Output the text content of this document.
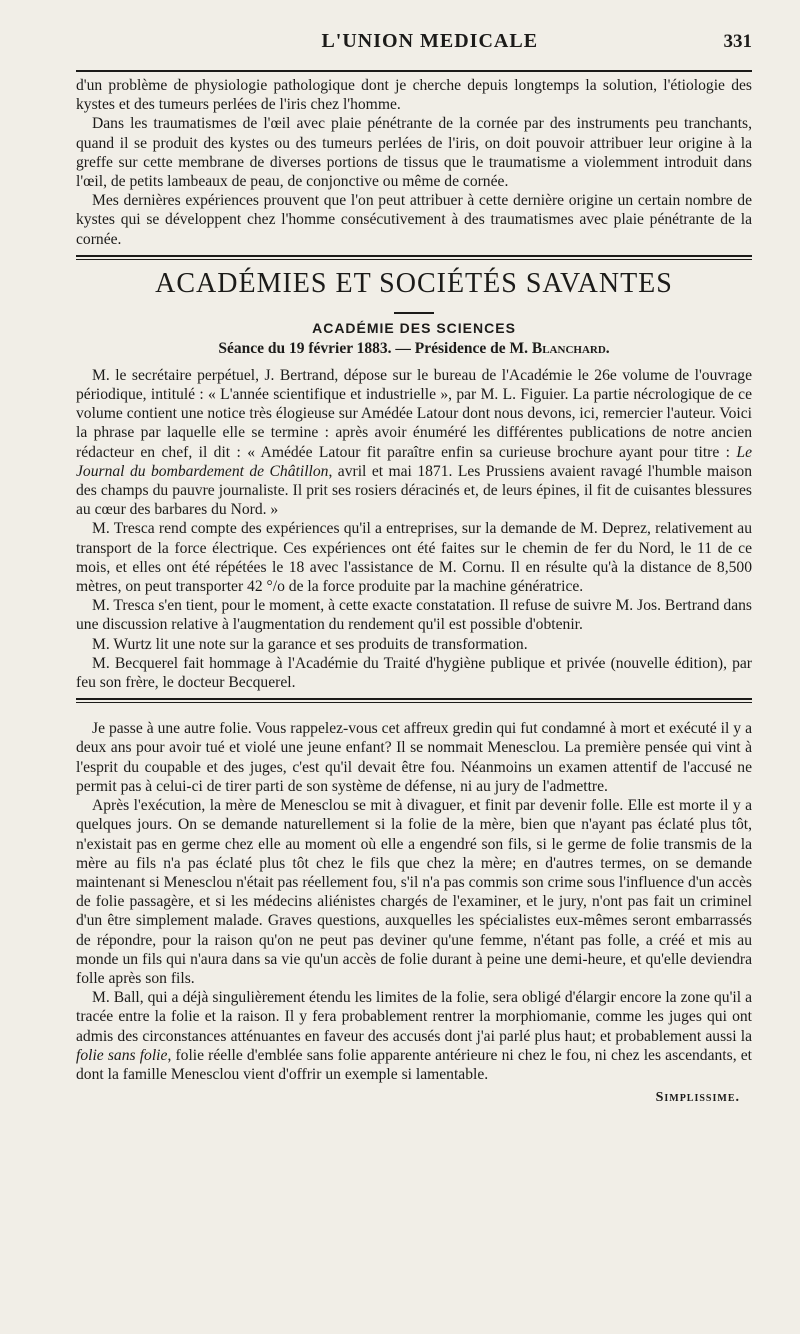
L'UNION MEDICALE	331

d'un problème de physiologie pathologique dont je cherche depuis longtemps la solution, l'étiologie des kystes et des tumeurs perlées de l'iris chez l'homme.

Dans les traumatismes de l'œil avec plaie pénétrante de la cornée par des instruments peu tranchants, quand il se produit des kystes ou des tumeurs perlées de l'iris, on doit pouvoir attribuer leur origine à la greffe sur cette membrane de diverses portions de tissus que le traumatisme a violemment introduit dans l'œil, de petits lambeaux de peau, de conjonctive ou même de cornée.

Mes dernières expériences prouvent que l'on peut attribuer à cette dernière origine un certain nombre de kystes qui se développent chez l'homme consécutivement à des traumatismes avec plaie pénétrante de la cornée.

ACADÉMIES ET SOCIÉTÉS SAVANTES
ACADÉMIE DES SCIENCES
Séance du 19 février 1883. — Présidence de M. Blanchard.

M. le secrétaire perpétuel, J. Bertrand, dépose sur le bureau de l'Académie le 26e volume de l'ouvrage périodique, intitulé : « L'année scientifique et industrielle », par M. L. Figuier. La partie nécrologique de ce volume contient une notice très élogieuse sur Amédée Latour dont nous devons, ici, remercier l'auteur. Voici la phrase par laquelle elle se termine : après avoir énuméré les différentes publications de notre ancien rédacteur en chef, il dit : « Amédée Latour fit paraître enfin sa curieuse brochure ayant pour titre : Le Journal du bombardement de Châtillon, avril et mai 1871. Les Prussiens avaient ravagé l'humble maison des champs du pauvre journaliste. Il prit ses rosiers déracinés et, de leurs épines, il fit de cuisantes blessures au cœur des barbares du Nord. »

M. Tresca rend compte des expériences qu'il a entreprises, sur la demande de M. Deprez, relativement au transport de la force électrique. Ces expériences ont été faites sur le chemin de fer du Nord, le 11 de ce mois, et elles ont été répétées le 18 avec l'assistance de M. Cornu. Il en résulte qu'à la distance de 8,500 mètres, on peut transporter 42 °/o de la force produite par la machine génératrice.

M. Tresca s'en tient, pour le moment, à cette exacte constatation. Il refuse de suivre M. Jos. Bertrand dans une discussion relative à l'augmentation du rendement qu'il est possible d'obtenir.

M. Wurtz lit une note sur la garance et ses produits de transformation.

M. Becquerel fait hommage à l'Académie du Traité d'hygiène publique et privée (nouvelle édition), par feu son frère, le docteur Becquerel.

Je passe à une autre folie. Vous rappelez-vous cet affreux gredin qui fut condamné à mort et exécuté il y a deux ans pour avoir tué et violé une jeune enfant? Il se nommait Menesclou. La première pensée qui vint à l'esprit du coupable et des juges, c'est qu'il devait être fou. Néanmoins un examen attentif de l'accusé ne permit pas à celui-ci de tirer parti de son système de défense, ni au jury de l'admettre.

Après l'exécution, la mère de Menesclou se mit à divaguer, et finit par devenir folle. Elle est morte il y a quelques jours. On se demande naturellement si la folie de la mère, bien que n'ayant pas éclaté plus tôt, n'existait pas en germe chez elle au moment où elle a engendré son fils, si le germe de folie transmis de la mère au fils n'a pas éclaté plus tôt chez le fils que chez la mère; en d'autres termes, on se demande maintenant si Menesclou n'était pas réellement fou, s'il n'a pas commis son crime sous l'influence d'un accès de folie passagère, et si les médecins aliénistes chargés de l'examiner, et le jury, n'ont pas fait un criminel d'un être simplement malade. Graves questions, auxquelles les spécialistes eux-mêmes seront embarrassés de répondre, pour la raison qu'on ne peut pas deviner qu'une femme, n'étant pas folle, a créé et mis au monde un fils qui n'aura dans sa vie qu'un accès de folie durant à peine une demi-heure, et qu'elle deviendra folle après son fils.

M. Ball, qui a déjà singulièrement étendu les limites de la folie, sera obligé d'élargir encore la zone qu'il a tracée entre la folie et la raison. Il y fera probablement rentrer la morphiomanie, comme les juges qui ont admis des circonstances atténuantes en faveur des accusés dont j'ai parlé plus haut; et probablement aussi la folie sans folie, folie réelle d'emblée sans folie apparente antérieure ni chez le fou, ni chez les ascendants, et dont la famille Menesclou vient d'offrir un exemple si lamentable.

Simplissime.
